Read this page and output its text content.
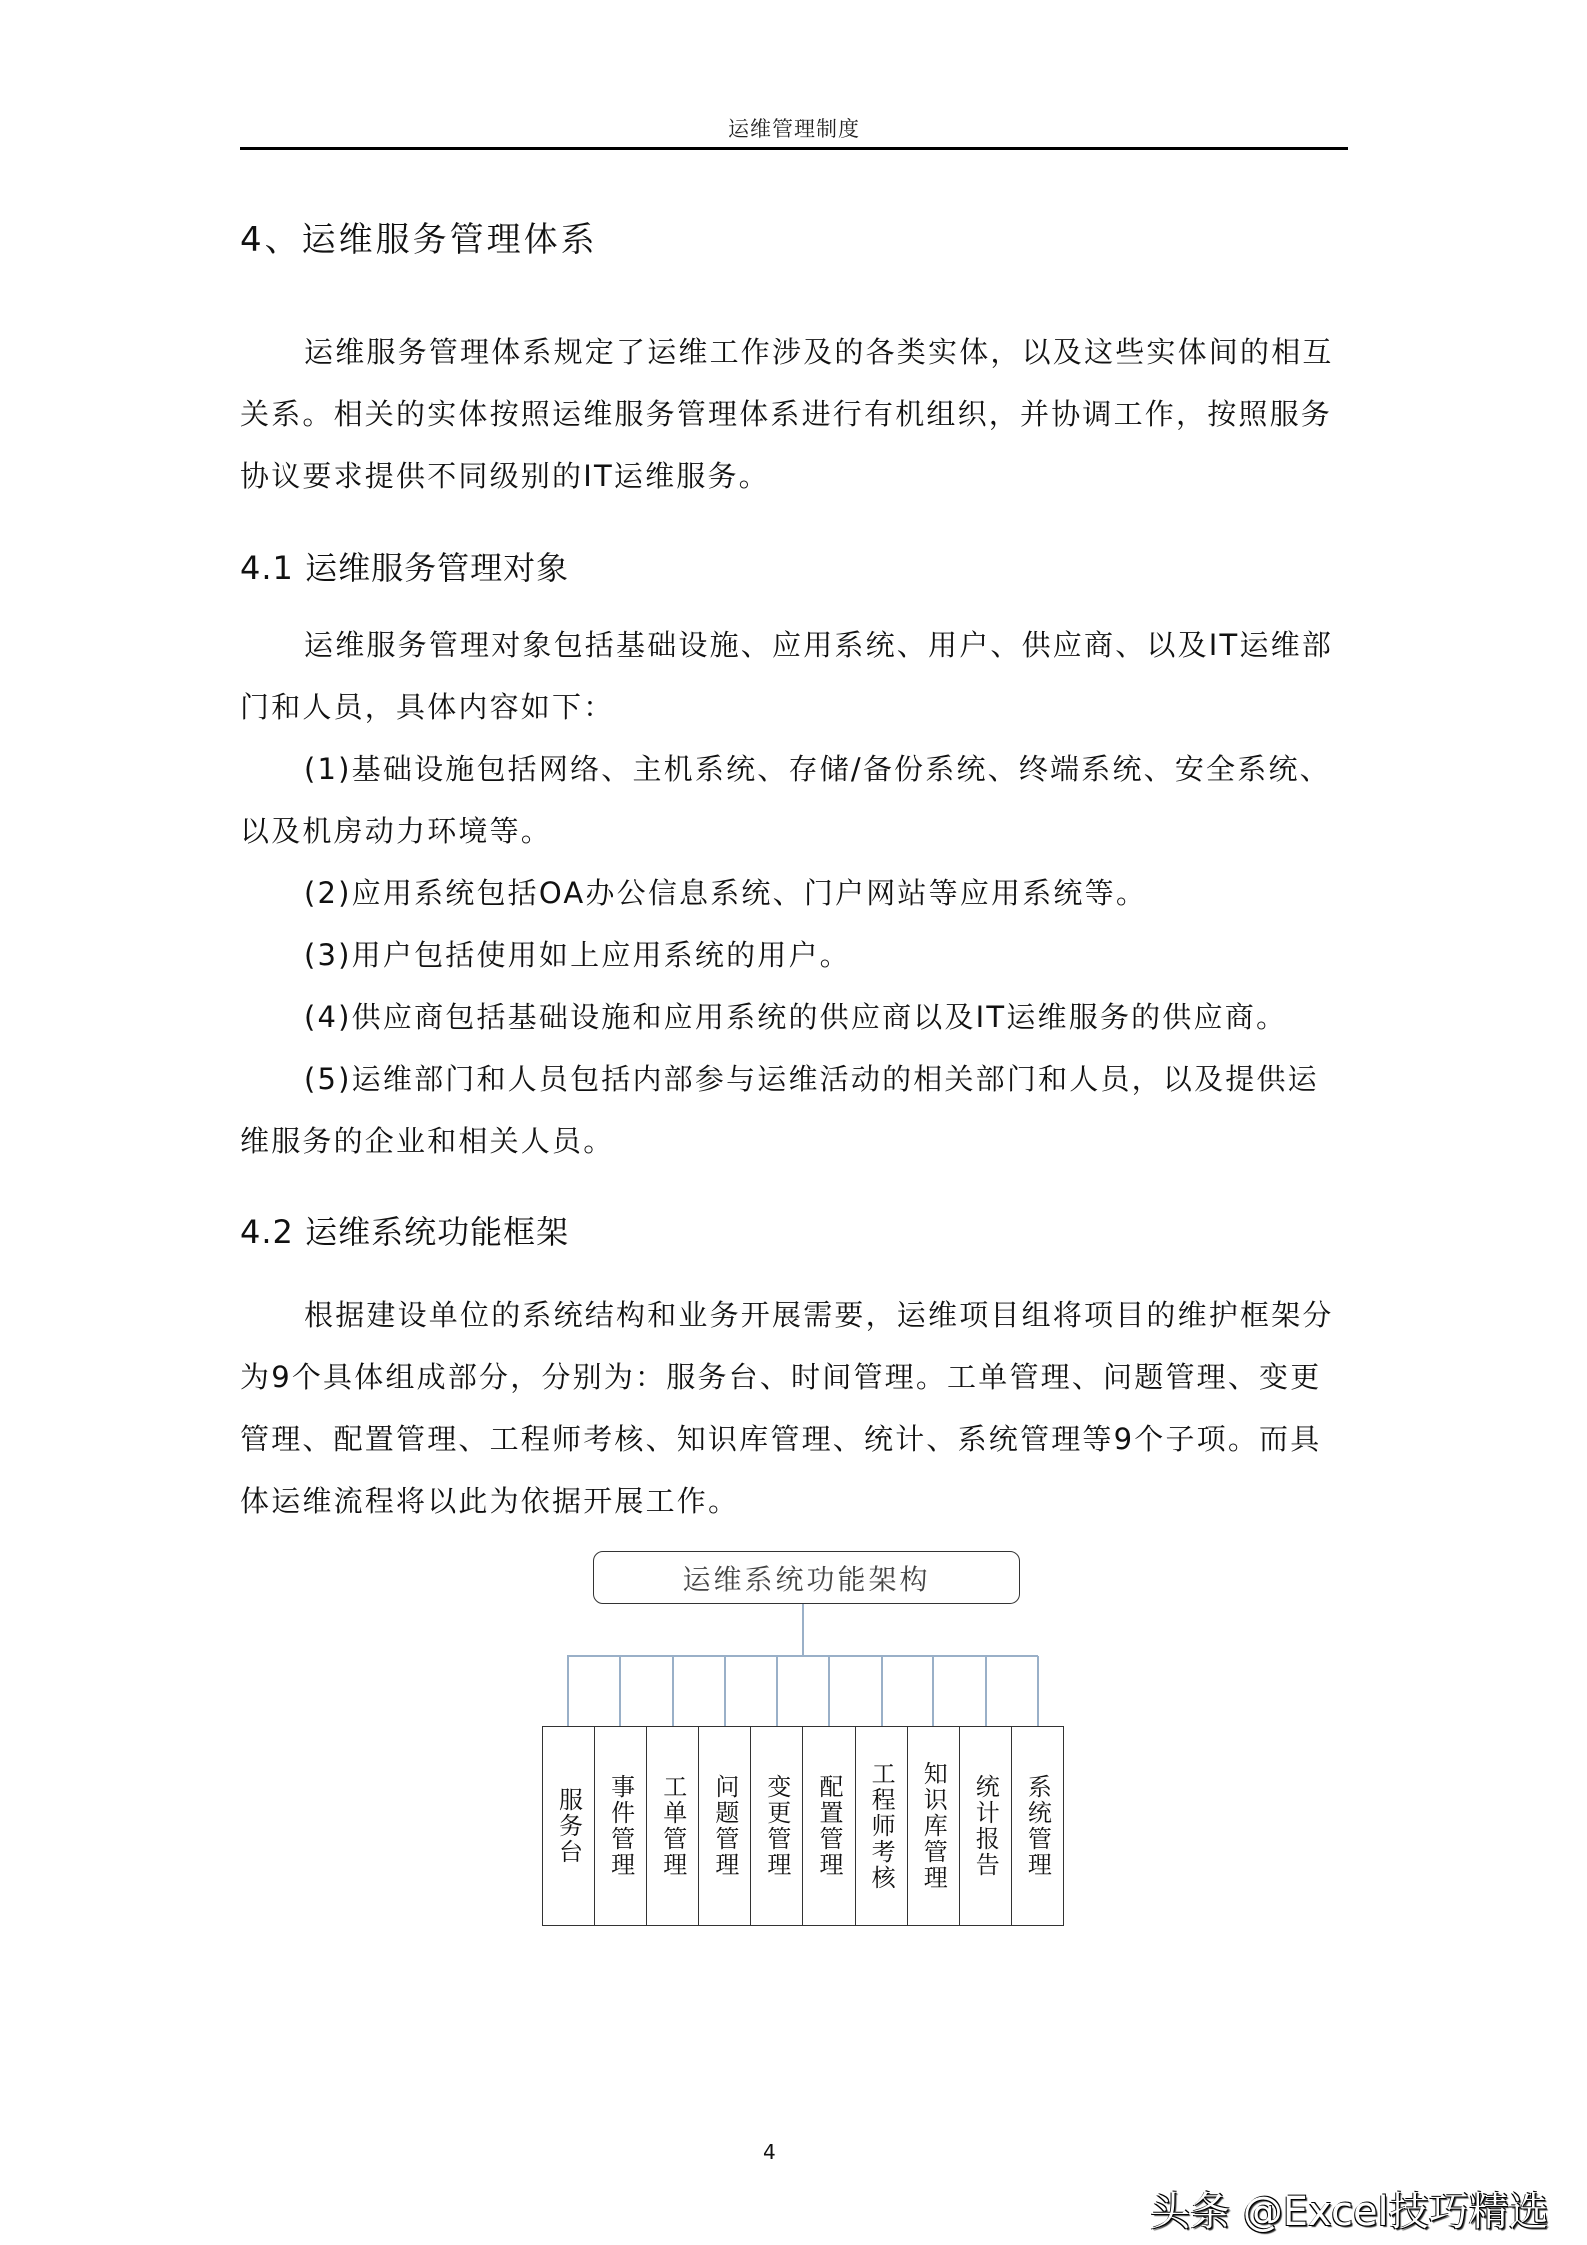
运维管理制度
4、运维服务管理体系
运维服务管理体系规定了运维工作涉及的各类实体，以及这些实体间的相互
关系。相关的实体按照运维服务管理体系进行有机组织，并协调工作，按照服务
协议要求提供不同级别的IT运维服务。
4.1 运维服务管理对象
运维服务管理对象包括基础设施、应用系统、用户、供应商、以及IT运维部
门和人员，具体内容如下：
(1)基础设施包括网络、主机系统、存储/备份系统、终端系统、安全系统、
以及机房动力环境等。
(2)应用系统包括OA办公信息系统、门户网站等应用系统等。
(3)用户包括使用如上应用系统的用户。
(4)供应商包括基础设施和应用系统的供应商以及IT运维服务的供应商。
(5)运维部门和人员包括内部参与运维活动的相关部门和人员，以及提供运
维服务的企业和相关人员。
4.2 运维系统功能框架
根据建设单位的系统结构和业务开展需要，运维项目组将项目的维护框架分
为9个具体组成部分，分别为：服务台、时间管理。工单管理、问题管理、变更
管理、配置管理、工程师考核、知识库管理、统计、系统管理等9个子项。而具
体运维流程将以此为依据开展工作。
运维系统功能架构
服务台 事件管理 工单管理 问题管理 变更管理 配置管理 工程师考核 知识库管理 统计报告 系统管理
4
头条 @Excel技巧精选
